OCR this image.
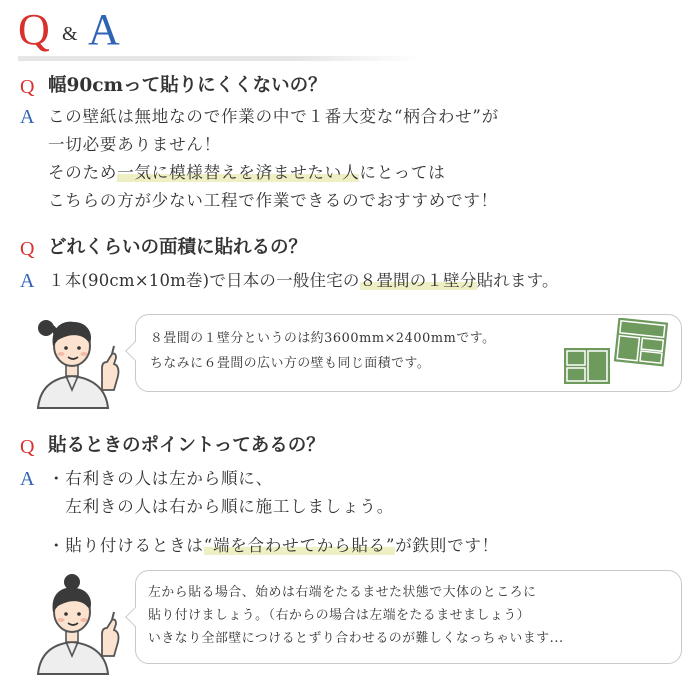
Q & A
Q 幅90cmって貼りにくくないの？
A この壁紙は無地なので作業の中で１番大変な“柄合わせ”が
一切必要ありません！
そのため一気に模様替えを済ませたい人にとっては
こちらの方が少ない工程で作業できるのでおすすめです！
Q どれくらいの面積に貼れるの？
A １本(90cm×10m巻)で日本の一般住宅の８畳間の１壁分貼れます。
８畳間の１壁分というのは約3600mm×2400mmです。
ちなみに６畳間の広い方の壁も同じ面積です。
Q 貼るときのポイントってあるの？
A ・右利きの人は左から順に、
　左利きの人は右から順に施工しましょう。
・貼り付けるときは“端を合わせてから貼る”が鉄則です！
左から貼る場合、始めは右端をたるませた状態で大体のところに
貼り付けましょう。（右からの場合は左端をたるませましょう）
いきなり全部壁につけるとずり合わせるのが難しくなっちゃいます...
